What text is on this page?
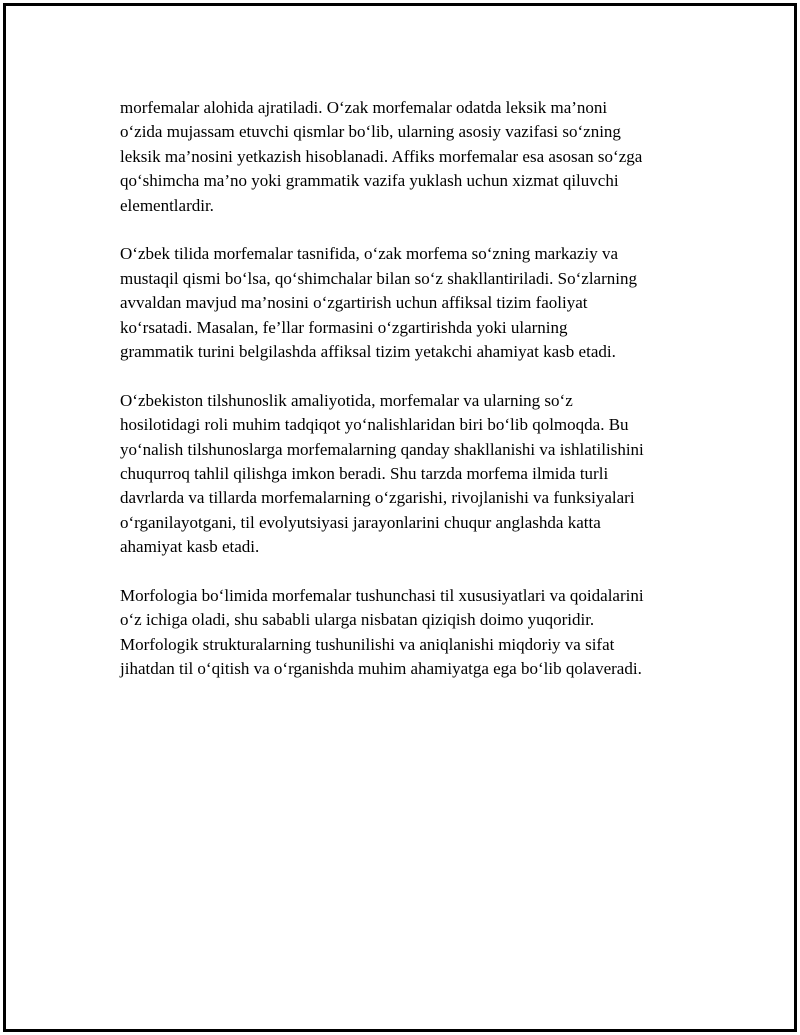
morfemalar alohida ajratiladi. O‘zak morfemalar odatda leksik ma’noni
o‘zida mujassam etuvchi qismlar bo‘lib, ularning asosiy vazifasi so‘zning
leksik ma’nosini yetkazish hisoblanadi. Affiks morfemalar esa asosan so‘zga
qo‘shimcha ma’no yoki grammatik vazifa yuklash uchun xizmat qiluvchi
elementlardir.

O‘zbek tilida morfemalar tasnifida, o‘zak morfema so‘zning markaziy va
mustaqil qismi bo‘lsa, qo‘shimchalar bilan so‘z shakllantiriladi. So‘zlarning
avvaldan mavjud ma’nosini o‘zgartirish uchun affiksal tizim faoliyat
ko‘rsatadi. Masalan, fe’llar formasini o‘zgartirishda yoki ularning
grammatik turini belgilashda affiksal tizim yetakchi ahamiyat kasb etadi.

O‘zbekiston tilshunoslik amaliyotida, morfemalar va ularning so‘z
hosilotidagi roli muhim tadqiqot yo‘nalishlaridan biri bo‘lib qolmoqda. Bu
yo‘nalish tilshunoslarga morfemalarning qanday shakllanishi va ishlatilishini
chuqurroq tahlil qilishga imkon beradi. Shu tarzda morfema ilmida turli
davrlarda va tillarda morfemalarning o‘zgarishi, rivojlanishi va funksiyalari
o‘rganilayotgani, til evolyutsiyasi jarayonlarini chuqur anglashda katta
ahamiyat kasb etadi.

Morfologia bo‘limida morfemalar tushunchasi til xususiyatlari va qoidalarini
o‘z ichiga oladi, shu sababli ularga nisbatan qiziqish doimo yuqoridir.
Morfologik strukturalarning tushunilishi va aniqlanishi miqdoriy va sifat
jihatdan til o‘qitish va o‘rganishda muhim ahamiyatga ega bo‘lib qolaveradi.
